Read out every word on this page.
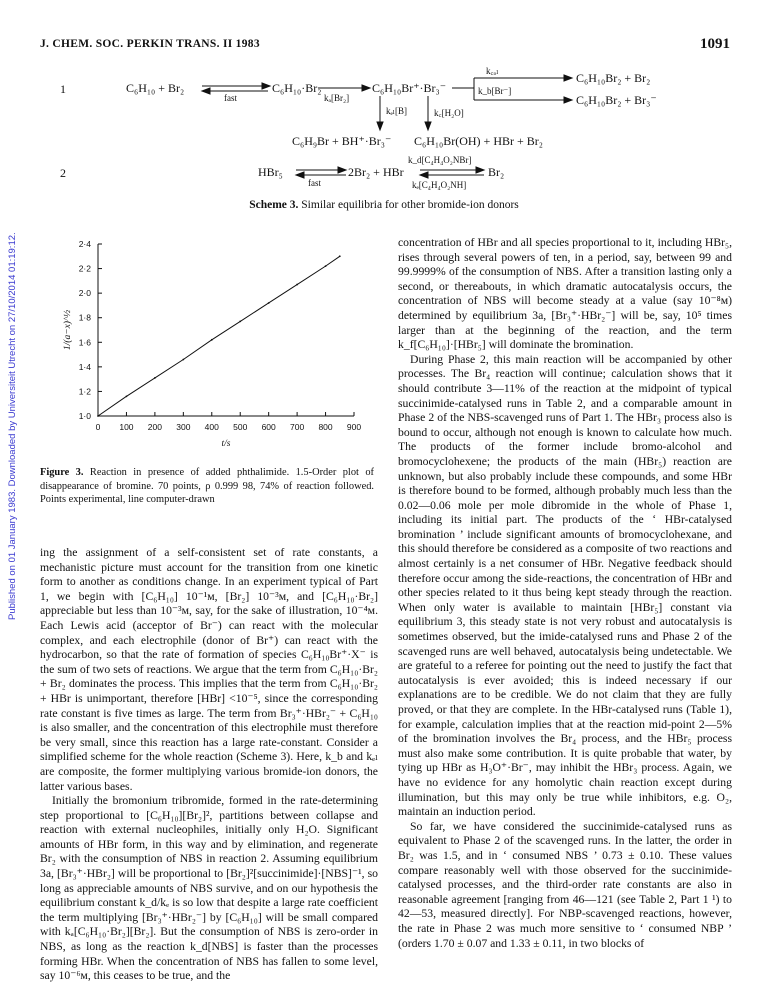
J. CHEM. SOC. PERKIN TRANS. II 1983	1091
Published on 01 January 1983. Downloaded by Universiteit Utrecht on 27/10/2014 01:19:12.
1	C₆H₁₀ + Br₂
fast
C₆H₁₀·Br₂
kₐ[Br₂]
C₆H₁₀Br⁺·Br₃⁻
k꜀ₒₗ
k_b[Br⁻]
C₆H₁₀Br₂ + Br₂
C₆H₁₀Br₂ + Br₃⁻
kₑₗ[B]	k꜀[H₂O]
C₆H₉Br + BH⁺·Br₃⁻ C₆H₁₀Br(OH) + HBr + Br₂
2	HBr₅
fast
2Br₂ + HBr
k_d[C₄H₄O₂NBr]
kₑ[C₄H₄O₂NH]
Br₂
Scheme 3. Similar equilibria for other bromide-ion donors
0 100 200 300 400 500 600 700 800 900
1·0
1·2
1·4
1·6
1·8
2·0
2·2
2·4
t/s
1/(a−x)^½
Figure 3. Reaction in presence of added phthalimide. 1.5-Order plot of disappearance of bromine. 70 points, ρ 0.999 98, 74% of reaction followed. Points experimental, line computer-drawn

ing the assignment of a self-consistent set of rate constants, a mechanistic picture must account for the transition from one kinetic form to another as conditions change. In an experiment typical of Part 1, we begin with [C₆H₁₀] 10⁻¹ᴍ, [Br₂] 10⁻³ᴍ, and [C₆H₁₀·Br₂] appreciable but less than 10⁻³ᴍ, say, for the sake of illustration, 10⁻⁴ᴍ. Each Lewis acid (acceptor of Br⁻) can react with the molecular complex, and each electrophile (donor of Br⁺) can react with the hydrocarbon, so that the rate of formation of species C₆H₁₀Br⁺·X⁻ is the sum of two sets of reactions. We argue that the term from C₆H₁₀·Br₂ + Br₂ dominates the process. This implies that the term from C₆H₁₀·Br₂ + HBr is unimportant, therefore [HBr] <10⁻⁵, since the corresponding rate constant is five times as large. The term from Br₃⁺·HBr₂⁻ + C₆H₁₀ is also smaller, and the concentration of this electrophile must therefore be very small, since this reaction has a large rate-constant. Consider a simplified scheme for the whole reaction (Scheme 3). Here, k_b and kₑₗ are composite, the former multiplying various bromide-ion donors, the latter various bases.

Initially the bromonium tribromide, formed in the rate-determining step proportional to [C₆H₁₀][Br₂]², partitions between collapse and reaction with external nucleophiles, initially only H₂O. Significant amounts of HBr form, in this way and by elimination, and regenerate Br₂ with the consumption of NBS in reaction 2. Assuming equilibrium 3a, [Br₃⁺·HBr₂] will be proportional to [Br₂]²[succinimide]·[NBS]⁻¹, so long as appreciable amounts of NBS survive, and on our hypothesis the equilibrium constant k_d/kₑ is so low that despite a large rate coefficient the term multiplying [Br₃⁺·HBr₂⁻] by [C₆H₁₀] will be small compared with kₐ[C₆H₁₀·Br₂][Br₂]. But the consumption of NBS is zero-order in NBS, as long as the reaction k_d[NBS] is faster than the processes forming HBr. When the concentration of NBS has fallen to some level, say 10⁻⁶ᴍ, this ceases to be true, and the

concentration of HBr and all species proportional to it, including HBr₅, rises through several powers of ten, in a period, say, between 99 and 99.9999% of the consumption of NBS. After a transition lasting only a second, or thereabouts, in which dramatic autocatalysis occurs, the concentration of NBS will become steady at a value (say 10⁻⁸ᴍ) determined by equilibrium 3a, [Br₃⁺·HBr₂⁻] will be, say, 10⁵ times larger than at the beginning of the reaction, and the term k_f[C₆H₁₀]·[HBr₅] will dominate the bromination.

During Phase 2, this main reaction will be accompanied by other processes. The Br₄ reaction will continue; calculation shows that it should contribute 3—11% of the reaction at the midpoint of typical succinimide-catalysed runs in Table 2, and a comparable amount in Phase 2 of the NBS-scavenged runs of Part 1. The HBr₃ process also is bound to occur, although not enough is known to calculate how much. The products of the former include bromo-alcohol and bromocyclohexene; the products of the main (HBr₅) reaction are unknown, but also probably include these compounds, and some HBr is therefore bound to be formed, although probably much less than the 0.02—0.06 mole per mole dibromide in the whole of Phase 1, including its initial part. The products of the ‘ HBr-catalysed bromination ’ include significant amounts of bromocyclohexane, and this should therefore be considered as a composite of two reactions and almost certainly is a net consumer of HBr. Negative feedback should therefore occur among the side-reactions, the concentration of HBr and other species related to it thus being kept steady through the reaction. When only water is available to maintain [HBr₅] constant via equilibrium 3, this steady state is not very robust and autocatalysis is sometimes observed, but the imide-catalysed runs and Phase 2 of the scavenged runs are well behaved, autocatalysis being undetectable. We are grateful to a referee for pointing out the need to justify the fact that autocatalysis is ever avoided; this is indeed necessary if our explanations are to be credible. We do not claim that they are fully proved, or that they are complete. In the HBr-catalysed runs (Table 1), for example, calculation implies that at the reaction mid-point 2—5% of the bromination involves the Br₄ process, and the HBr₅ process must also make some contribution. It is quite probable that water, by tying up HBr as H₃O⁺·Br⁻, may inhibit the HBr₃ process. Again, we have no evidence for any homolytic chain reaction except during illumination, but this may only be true while inhibitors, e.g. O₂, maintain an induction period.

So far, we have considered the succinimide-catalysed runs as equivalent to Phase 2 of the scavenged runs. In the latter, the order in Br₂ was 1.5, and in ‘ consumed NBS ’ 0.73 ± 0.10. These values compare reasonably well with those observed for the succinimide-catalysed processes, and the third-order rate constants are also in reasonable agreement [ranging from 46—121 (see Table 2, Part 1 ¹) to 42—53, measured directly]. For NBP-scavenged reactions, however, the rate in Phase 2 was much more sensitive to ‘ consumed NBP ’ (orders 1.70 ± 0.07 and 1.33 ± 0.11, in two blocks of
